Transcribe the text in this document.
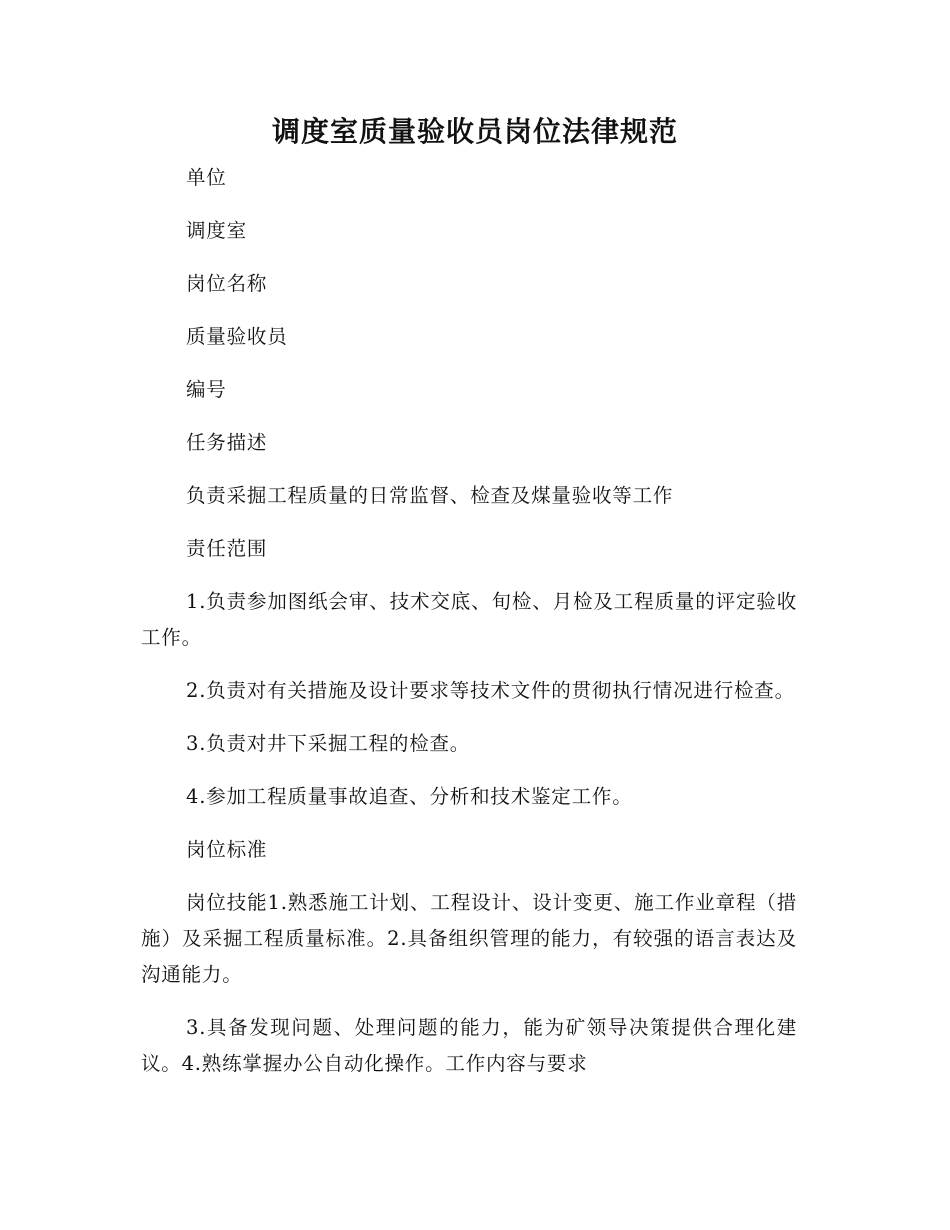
调度室质量验收员岗位法律规范

单位

调度室

岗位名称

质量验收员

编号

任务描述

负责采掘工程质量的日常监督、检查及煤量验收等工作

责任范围

1.负责参加图纸会审、技术交底、旬检、月检及工程质量的评定验收工作。

2.负责对有关措施及设计要求等技术文件的贯彻执行情况进行检查。

3.负责对井下采掘工程的检查。

4.参加工程质量事故追查、分析和技术鉴定工作。

岗位标准

岗位技能1.熟悉施工计划、工程设计、设计变更、施工作业章程（措施）及采掘工程质量标准。2.具备组织管理的能力，有较强的语言表达及沟通能力。

3.具备发现问题、处理问题的能力，能为矿领导决策提供合理化建议。4.熟练掌握办公自动化操作。工作内容与要求
